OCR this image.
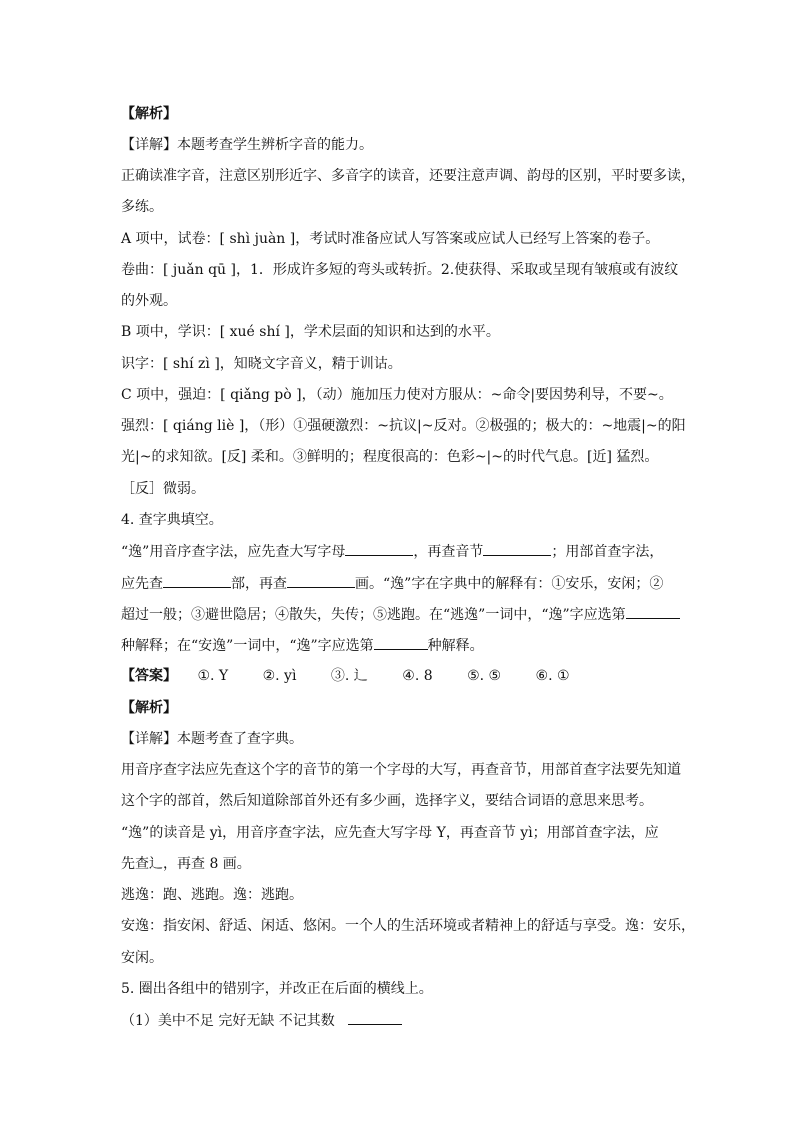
【解析】
【详解】本题考查学生辨析字音的能力。
正确读准字音，注意区别形近字、多音字的读音，还要注意声调、韵母的区别，平时要多读，
多练。
A 项中，试卷：[ shì juàn ]，考试时准备应试人写答案或应试人已经写上答案的卷子。
卷曲：[ juǎn qū ]，1．形成许多短的弯头或转折。2.使获得、采取或呈现有皱痕或有波纹
的外观。
B 项中，学识：[ xué shí ]，学术层面的知识和达到的水平。
识字：[ shí zì ]，知晓文字音义，精于训诂。
C 项中，强迫：[ qiǎng pò ]，（动）施加压力使对方服从：~命令|要因势利导，不要~。
强烈：[ qiáng liè ]，（形）①强硬激烈：~抗议|~反对。②极强的；极大的：~地震|~的阳
光|~的求知欲。[反] 柔和。③鲜明的；程度很高的：色彩~|~的时代气息。[近] 猛烈。
［反］微弱。
4. 查字典填空。
“逸”用音序查字法，应先查大写字母	，再查音节	；用部首查字法，
应先查	部，再查	画。“逸”字在字典中的解释有：①安乐，安闲；②
超过一般；③避世隐居；④散失，失传；⑤逃跑。在“逃逸”一词中，“逸”字应选第
种解释；在“安逸”一词中，“逸”字应选第	种解释。
【答案】 ①. Y ②. yì ③. 辶 ④. 8 ⑤. ⑤ ⑥. ①
【解析】
【详解】本题考查了查字典。
用音序查字法应先查这个字的音节的第一个字母的大写，再查音节，用部首查字法要先知道
这个字的部首，然后知道除部首外还有多少画，选择字义，要结合词语的意思来思考。
“逸”的读音是 yì，用音序查字法，应先查大写字母 Y，再查音节 yì；用部首查字法，应
先查辶，再查 8 画。
逃逸：跑、逃跑。逸：逃跑。
安逸：指安闲、舒适、闲适、悠闲。一个人的生活环境或者精神上的舒适与享受。逸：安乐，
安闲。
5. 圈出各组中的错别字，并改正在后面的横线上。
（1）美中不足 完好无缺 不记其数
